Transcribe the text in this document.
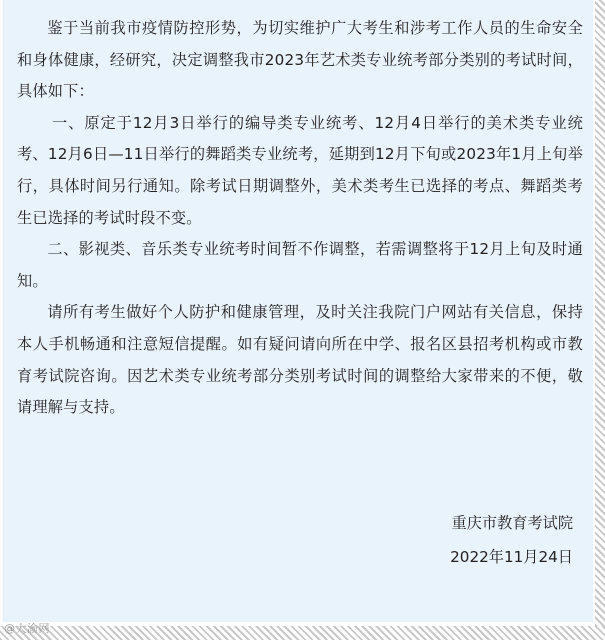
鉴于当前我市疫情防控形势，为切实维护广大考生和涉考工作人员的生命安全和身体健康，经研究，决定调整我市2023年艺术类专业统考部分类别的考试时间，具体如下：

一、原定于12月3日举行的编导类专业统考、12月4日举行的美术类专业统考、12月6日—11日举行的舞蹈类专业统考，延期到12月下旬或2023年1月上旬举行，具体时间另行通知。除考试日期调整外，美术类考生已选择的考点、舞蹈类考生已选择的考试时段不变。

二、影视类、音乐类专业统考时间暂不作调整，若需调整将于12月上旬及时通知。

请所有考生做好个人防护和健康管理，及时关注我院门户网站有关信息，保持本人手机畅通和注意短信提醒。如有疑问请向所在中学、报名区县招考机构或市教育考试院咨询。因艺术类专业统考部分类别考试时间的调整给大家带来的不便，敬请理解与支持。

重庆市教育考试院
2022年11月24日
@大渝网
